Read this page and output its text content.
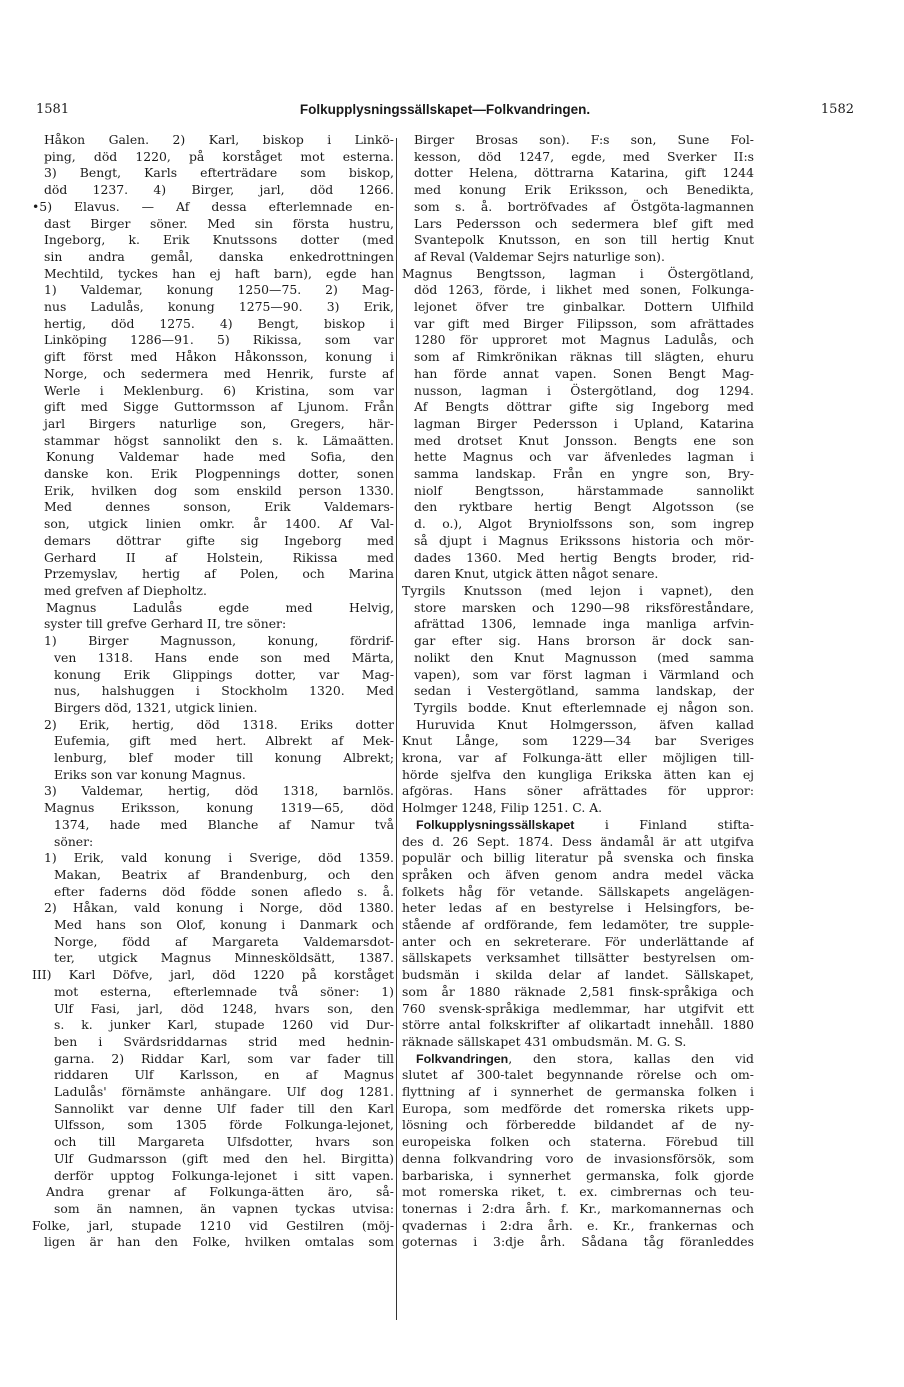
1581	Folkupplysningssällskapet—Folkvandringen.	1582
Håkon Galen. 2) Karl, biskop i Linkö-
ping, död 1220, på korståget mot esterna.
3) Bengt, Karls efterträdare som biskop,
död 1237. 4) Birger, jarl, död 1266.
•5) Elavus. — Af dessa efterlemnade en-
dast Birger söner. Med sin första hustru,
Ingeborg, k. Erik Knutssons dotter (med
sin andra gemål, danska enkedrottningen
Mechtild, tyckes han ej haft barn), egde han
1) Valdemar, konung 1250—75. 2) Mag-
nus Ladulås, konung 1275—90. 3) Erik,
hertig, död 1275. 4) Bengt, biskop i
Linköping 1286—91. 5) Rikissa, som var
gift först med Håkon Håkonsson, konung i
Norge, och sedermera med Henrik, furste af
Werle i Meklenburg. 6) Kristina, som var
gift med Sigge Guttormsson af Ljunom. Från
jarl Birgers naturlige son, Gregers, här-
stammar högst sannolikt den s. k. Lämaätten.
Konung Valdemar hade med Sofia, den
danske kon. Erik Plogpennings dotter, sonen
Erik, hvilken dog som enskild person 1330.
Med dennes sonson, Erik Valdemars-
son, utgick linien omkr. år 1400. Af Val-
demars döttrar gifte sig Ingeborg med
Gerhard II af Holstein, Rikissa med
Przemyslav, hertig af Polen, och Marina
med grefven af Diepholtz.
Magnus Ladulås egde med Helvig,
syster till grefve Gerhard II, tre söner:
1) Birger Magnusson, konung, fördrif-
ven 1318. Hans ende son med Märta,
konung Erik Glippings dotter, var Mag-
nus, halshuggen i Stockholm 1320. Med
Birgers död, 1321, utgick linien.
2) Erik, hertig, död 1318. Eriks dotter
Eufemia, gift med hert. Albrekt af Mek-
lenburg, blef moder till konung Albrekt;
Eriks son var konung Magnus.
3) Valdemar, hertig, död 1318, barnlös.
Magnus Eriksson, konung 1319—65, död
1374, hade med Blanche af Namur två
söner:
1) Erik, vald konung i Sverige, död 1359.
Makan, Beatrix af Brandenburg, och den
efter faderns död födde sonen afledo s. å.
2) Håkan, vald konung i Norge, död 1380.
Med hans son Olof, konung i Danmark och
Norge, född af Margareta Valdemarsdot-
ter, utgick Magnus Minnesköldsätt, 1387.
III) Karl Döfve, jarl, död 1220 på korståget
mot esterna, efterlemnade två söner: 1)
Ulf Fasi, jarl, död 1248, hvars son, den
s. k. junker Karl, stupade 1260 vid Dur-
ben i Svärdsriddarnas strid med hednin-
garna. 2) Riddar Karl, som var fader till
riddaren Ulf Karlsson, en af Magnus
Ladulås' förnämste anhängare. Ulf dog 1281.
Sannolikt var denne Ulf fader till den Karl
Ulfsson, som 1305 förde Folkunga-lejonet,
och till Margareta Ulfsdotter, hvars son
Ulf Gudmarsson (gift med den hel. Birgitta)
derför upptog Folkunga-lejonet i sitt vapen.
Andra grenar af Folkunga-ätten äro, så-
som än namnen, än vapnen tyckas utvisa:
Folke, jarl, stupade 1210 vid Gestilren (möj-
ligen är han den Folke, hvilken omtalas som
Birger Brosas son). F:s son, Sune Fol-
kesson, död 1247, egde, med Sverker II:s
dotter Helena, döttrarna Katarina, gift 1244
med konung Erik Eriksson, och Benedikta,
som s. å. bortröfvades af Östgöta-lagmannen
Lars Pedersson och sedermera blef gift med
Svantepolk Knutsson, en son till hertig Knut
af Reval (Valdemar Sejrs naturlige son).
Magnus Bengtsson, lagman i Östergötland,
död 1263, förde, i likhet med sonen, Folkunga-
lejonet öfver tre ginbalkar. Dottern Ulfhild
var gift med Birger Filipsson, som afrättades
1280 för upproret mot Magnus Ladulås, och
som af Rimkrönikan räknas till slägten, ehuru
han förde annat vapen. Sonen Bengt Mag-
nusson, lagman i Östergötland, dog 1294.
Af Bengts döttrar gifte sig Ingeborg med
lagman Birger Pedersson i Upland, Katarina
med drotset Knut Jonsson. Bengts ene son
hette Magnus och var äfvenledes lagman i
samma landskap. Från en yngre son, Bry-
niolf Bengtsson, härstammade sannolikt
den ryktbare hertig Bengt Algotsson (se
d. o.), Algot Bryniolfssons son, som ingrep
så djupt i Magnus Erikssons historia och mör-
dades 1360. Med hertig Bengts broder, rid-
daren Knut, utgick ätten något senare.
Tyrgils Knutsson (med lejon i vapnet), den
store marsken och 1290—98 riksföreståndare,
afrättad 1306, lemnade inga manliga arfvin-
gar efter sig. Hans brorson är dock san-
nolikt den Knut Magnusson (med samma
vapen), som var först lagman i Värmland och
sedan i Vestergötland, samma landskap, der
Tyrgils bodde. Knut efterlemnade ej någon son.
Huruvida Knut Holmgersson, äfven kallad
Knut Långe, som 1229—34 bar Sveriges
krona, var af Folkunga-ätt eller möjligen till-
hörde sjelfva den kungliga Erikska ätten kan ej
afgöras. Hans söner afrättades för uppror:
Holmger 1248, Filip 1251. C. A.
Folkupplysningssällskapet i Finland stifta-
des d. 26 Sept. 1874. Dess ändamål är att utgifva
populär och billig literatur på svenska och finska
språken och äfven genom andra medel väcka
folkets håg för vetande. Sällskapets angelägen-
heter ledas af en bestyrelse i Helsingfors, be-
stående af ordförande, fem ledamöter, tre supple-
anter och en sekreterare. För underlättande af
sällskapets verksamhet tillsätter bestyrelsen om-
budsmän i skilda delar af landet. Sällskapet,
som år 1880 räknade 2,581 finsk-språkiga och
760 svensk-språkiga medlemmar, har utgifvit ett
större antal folkskrifter af olikartadt innehåll. 1880
räknade sällskapet 431 ombudsmän. M. G. S.
Folkvandringen, den stora, kallas den vid
slutet af 300-talet begynnande rörelse och om-
flyttning af i synnerhet de germanska folken i
Europa, som medförde det romerska rikets upp-
lösning och förberedde bildandet af de ny-
europeiska folken och staterna. Förebud till
denna folkvandring voro de invasionsförsök, som
barbariska, i synnerhet germanska, folk gjorde
mot romerska riket, t. ex. cimbrernas och teu-
tonernas i 2:dra årh. f. Kr., markomannernas och
qvadernas i 2:dra årh. e. Kr., frankernas och
goternas i 3:dje årh. Sådana tåg föranleddes
